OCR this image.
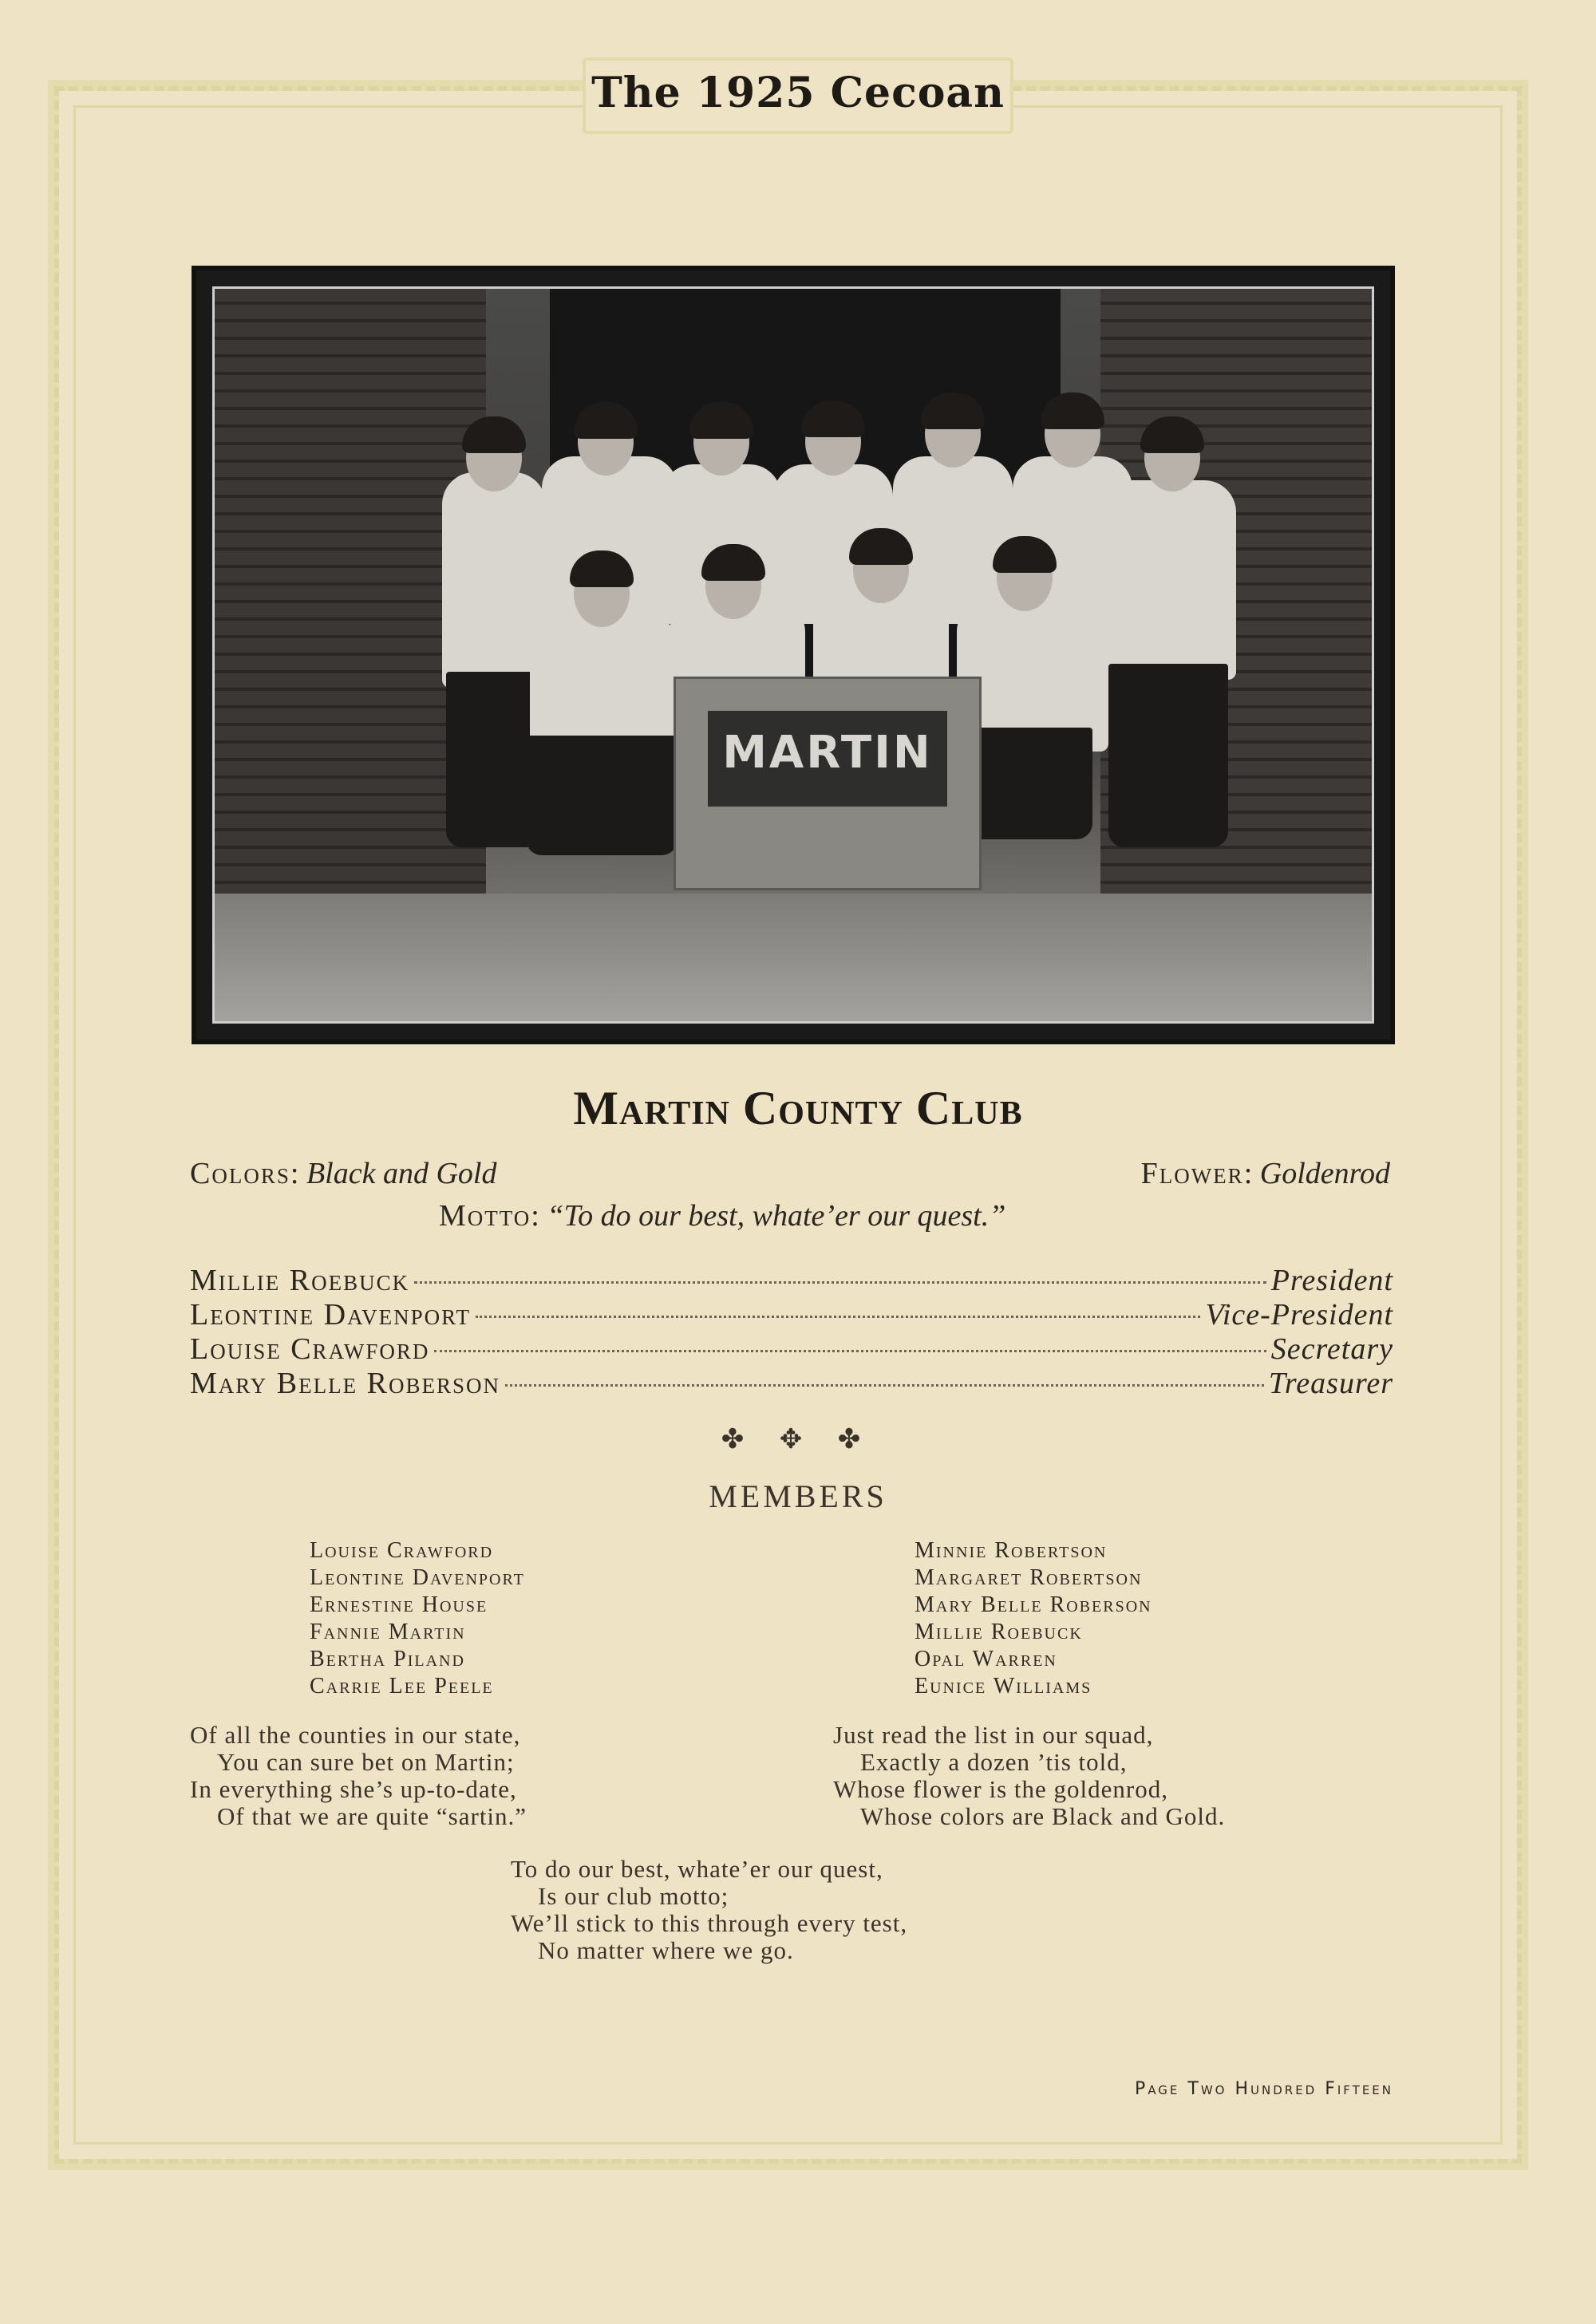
The 1925 Cecoan
MARTIN
Martin County Club
Colors: Black and Gold	Flower: Goldenrod
Motto: “To do our best, whate’er our quest.”
Millie Roebuck	President
Leontine Davenport	Vice-President
Louise Crawford	Secretary
Mary Belle Roberson	Treasurer
✤ ✥ ✤
MEMBERS
Louise Crawford
Leontine Davenport
Ernestine House
Fannie Martin
Bertha Piland
Carrie Lee Peele
Minnie Robertson
Margaret Robertson
Mary Belle Roberson
Millie Roebuck
Opal Warren
Eunice Williams
Of all the counties in our state,
You can sure bet on Martin;
In everything she’s up-to-date,
Of that we are quite “sartin.”
Just read the list in our squad,
Exactly a dozen ’tis told,
Whose flower is the goldenrod,
Whose colors are Black and Gold.
To do our best, whate’er our quest,
Is our club motto;
We’ll stick to this through every test,
No matter where we go.
Page Two Hundred Fifteen
